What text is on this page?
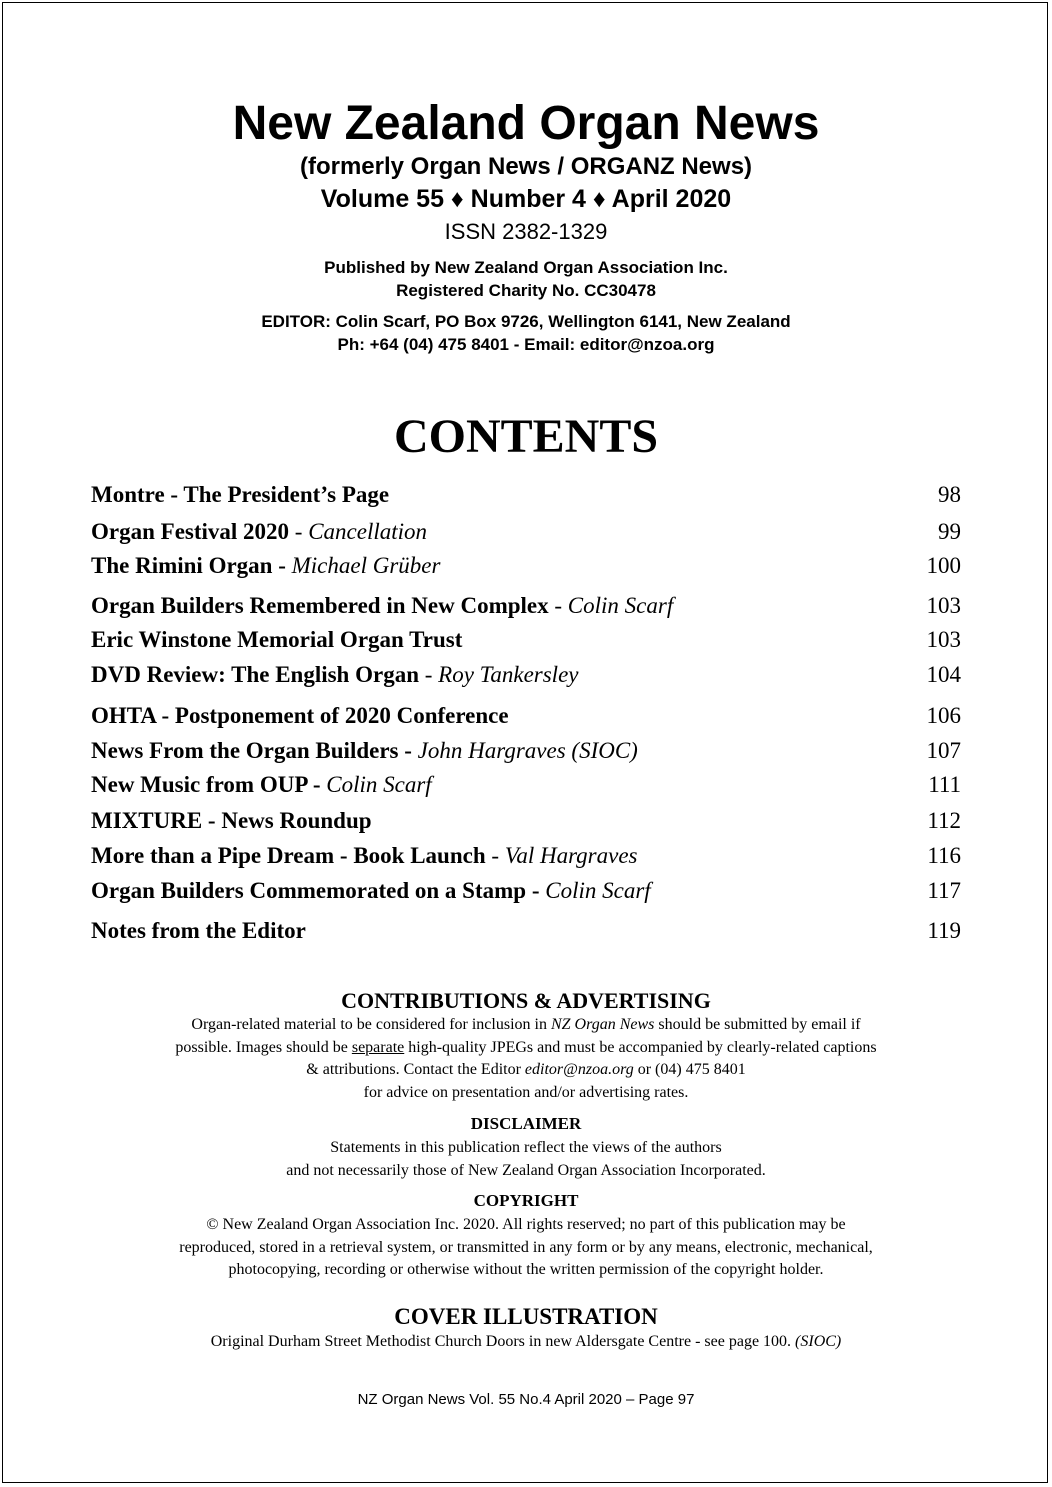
New Zealand Organ News
(formerly Organ News / ORGANZ News)
Volume 55 ♦ Number 4 ♦ April 2020
ISSN 2382-1329
Published by New Zealand Organ Association Inc.
Registered Charity No. CC30478
EDITOR: Colin Scarf, PO Box 9726, Wellington 6141, New Zealand
Ph: +64 (04) 475 8401 - Email: editor@nzoa.org
CONTENTS
Montre - The President’s Page	98
Organ Festival 2020 - Cancellation	99
The Rimini Organ - Michael Grüber	100
Organ Builders Remembered in New Complex - Colin Scarf	103
Eric Winstone Memorial Organ Trust	103
DVD Review: The English Organ - Roy Tankersley	104
OHTA - Postponement of 2020 Conference	106
News From the Organ Builders - John Hargraves (SIOC)	107
New Music from OUP - Colin Scarf	111
MIXTURE - News Roundup	112
More than a Pipe Dream - Book Launch - Val Hargraves	116
Organ Builders Commemorated on a Stamp - Colin Scarf	117
Notes from the Editor	119
CONTRIBUTIONS & ADVERTISING
Organ-related material to be considered for inclusion in NZ Organ News should be submitted by email if
possible. Images should be separate high-quality JPEGs and must be accompanied by clearly-related captions
& attributions. Contact the Editor editor@nzoa.org or (04) 475 8401
for advice on presentation and/or advertising rates.
DISCLAIMER
Statements in this publication reflect the views of the authors
and not necessarily those of New Zealand Organ Association Incorporated.
COPYRIGHT
© New Zealand Organ Association Inc. 2020. All rights reserved; no part of this publication may be
reproduced, stored in a retrieval system, or transmitted in any form or by any means, electronic, mechanical,
photocopying, recording or otherwise without the written permission of the copyright holder.
COVER ILLUSTRATION
Original Durham Street Methodist Church Doors in new Aldersgate Centre - see page 100. (SIOC)
NZ Organ News Vol. 55 No.4 April 2020 – Page 97
